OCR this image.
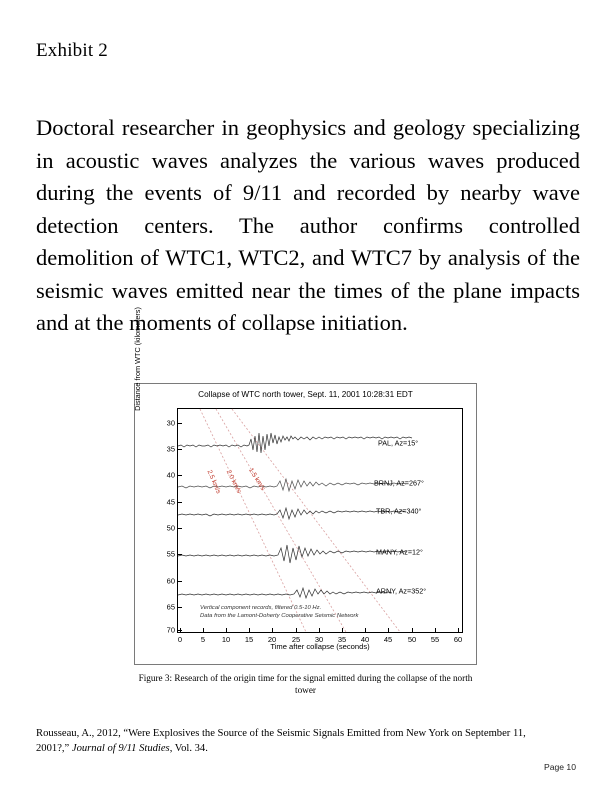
Exhibit 2
Doctoral researcher in geophysics and geology specializing in acoustic waves analyzes the various waves produced during the events of 9/11 and recorded by nearby wave detection centers. The author confirms controlled demolition of WTC1, WTC2, and WTC7 by analysis of the seismic waves emitted near the times of the plane impacts and at the moments of collapse initiation.
Collapse of WTC north tower, Sept. 11, 2001 10:28:31 EDT
Distance from WTC (kilometers)
30
35
40
45
50
55
60
65
70
0	5 10 15 20 25 30 35 40 45 50 55 60
PAL, Az=15°
BRNJ, Az=267°
TBR, Az=340°
MANY, Az=12°
ARNY, Az=352°
2.5 km/s 2.0 km/s 1.5 km/s
Vertical component records, filtered 0.5-10 Hz.
Data from the Lamont-Doherty Cooperative Seismic Network
Time after collapse (seconds)
Figure 3: Research of the origin time for the signal emitted during the collapse of the north tower
Rousseau, A., 2012, “Were Explosives the Source of the Seismic Signals Emitted from New York on September 11, 2001?,” Journal of 9/11 Studies, Vol. 34.
Page 10
